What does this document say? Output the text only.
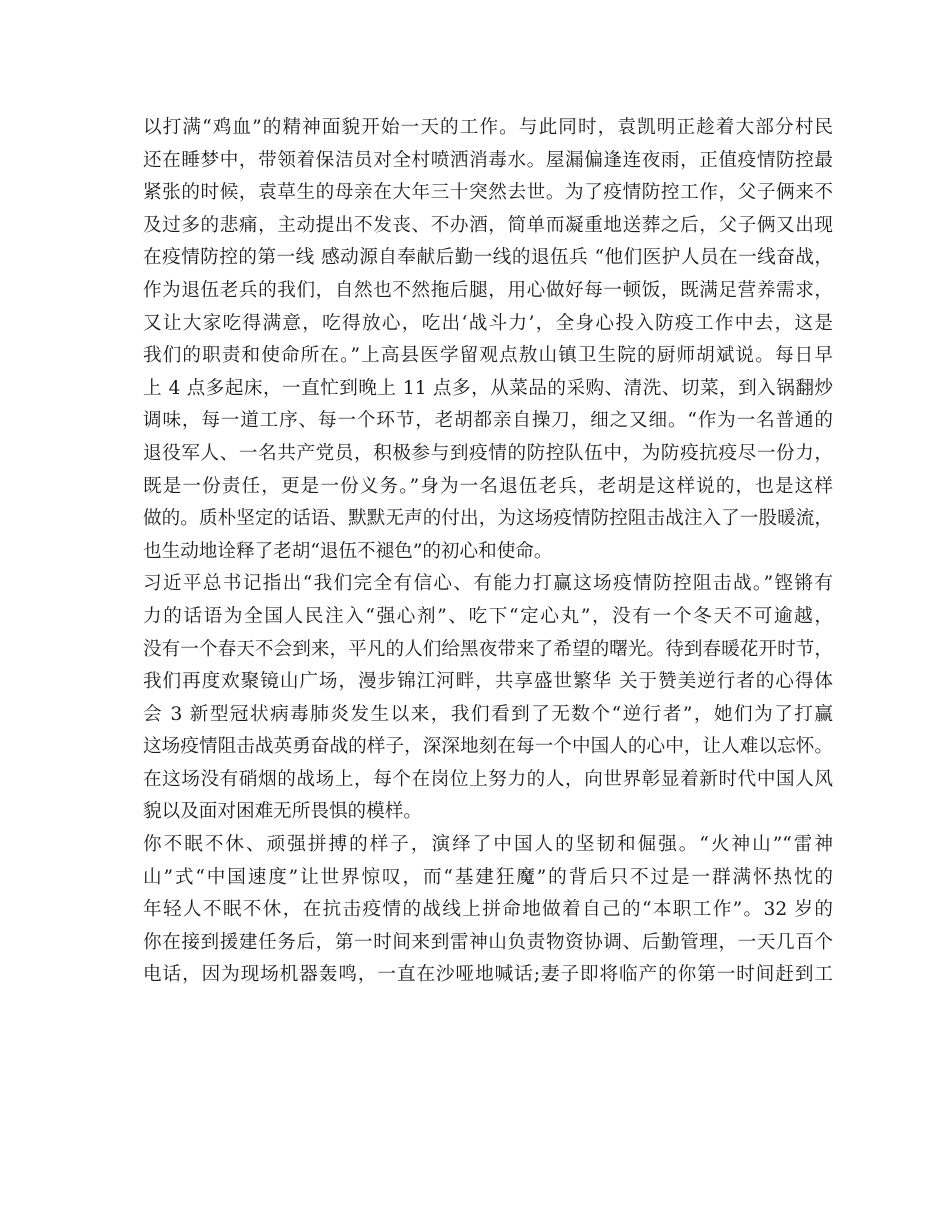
以打满“鸡血”的精神面貌开始一天的工作。与此同时，袁凯明正趁着大部分村民
还在睡梦中，带领着保洁员对全村喷洒消毒水。屋漏偏逢连夜雨，正值疫情防控最
紧张的时候，袁草生的母亲在大年三十突然去世。为了疫情防控工作，父子俩来不
及过多的悲痛，主动提出不发丧、不办酒，简单而凝重地送葬之后，父子俩又出现
在疫情防控的第一线 感动源自奉献后勤一线的退伍兵 “他们医护人员在一线奋战，
作为退伍老兵的我们，自然也不然拖后腿，用心做好每一顿饭，既满足营养需求，
又让大家吃得满意，吃得放心，吃出‘战斗力’，全身心投入防疫工作中去，这是
我们的职责和使命所在。”上高县医学留观点敖山镇卫生院的厨师胡斌说。每日早
上 4 点多起床，一直忙到晚上 11 点多，从菜品的采购、清洗、切菜，到入锅翻炒
调味，每一道工序、每一个环节，老胡都亲自操刀，细之又细。“作为一名普通的
退役军人、一名共产党员，积极参与到疫情的防控队伍中，为防疫抗疫尽一份力，
既是一份责任，更是一份义务。”身为一名退伍老兵，老胡是这样说的，也是这样
做的。质朴坚定的话语、默默无声的付出，为这场疫情防控阻击战注入了一股暖流，
也生动地诠释了老胡“退伍不褪色”的初心和使命。
习近平总书记指出“我们完全有信心、有能力打赢这场疫情防控阻击战。”铿锵有
力的话语为全国人民注入“强心剂”、吃下“定心丸”，没有一个冬天不可逾越，
没有一个春天不会到来，平凡的人们给黑夜带来了希望的曙光。待到春暖花开时节，
我们再度欢聚镜山广场，漫步锦江河畔，共享盛世繁华 关于赞美逆行者的心得体
会 3 新型冠状病毒肺炎发生以来，我们看到了无数个“逆行者”，她们为了打赢
这场疫情阻击战英勇奋战的样子，深深地刻在每一个中国人的心中，让人难以忘怀。
在这场没有硝烟的战场上，每个在岗位上努力的人，向世界彰显着新时代中国人风
貌以及面对困难无所畏惧的模样。
你不眠不休、顽强拼搏的样子，演绎了中国人的坚韧和倔强。“火神山”“雷神
山”式“中国速度”让世界惊叹，而“基建狂魔”的背后只不过是一群满怀热忱的
年轻人不眠不休，在抗击疫情的战线上拼命地做着自己的“本职工作”。32 岁的
你在接到援建任务后，第一时间来到雷神山负责物资协调、后勤管理，一天几百个
电话，因为现场机器轰鸣，一直在沙哑地喊话;妻子即将临产的你第一时间赶到工
